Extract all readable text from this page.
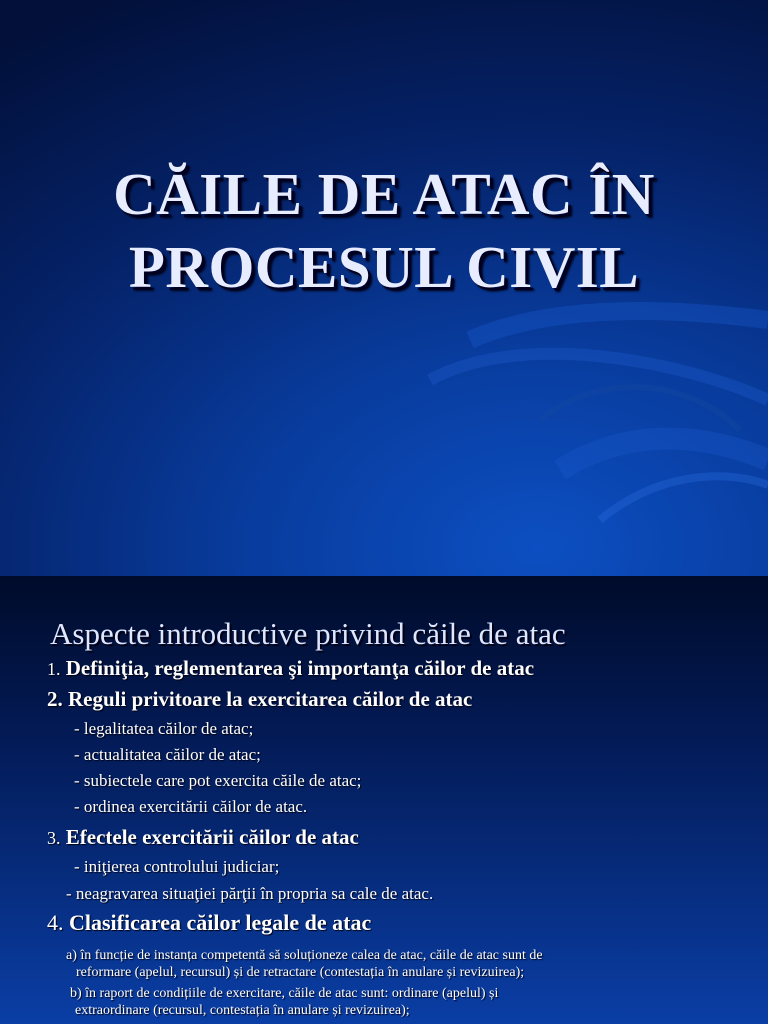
CĂILE DE ATAC ÎN
PROCESUL CIVIL
Aspecte introductive privind căile de atac
1. Definiţia, reglementarea şi importanţa căilor de atac
2. Reguli privitoare la exercitarea căilor de atac
- legalitatea căilor de atac;
- actualitatea căilor de atac;
- subiectele care pot exercita căile de atac;
- ordinea exercitării căilor de atac.
3. Efectele exercitării căilor de atac
- iniţierea controlului judiciar;
- neagravarea situaţiei părţii în propria sa cale de atac.
4. Clasificarea căilor legale de atac
a) în funcție de instanța competentă să soluționeze calea de atac, căile de atac sunt de
reformare (apelul, recursul) și de retractare (contestația în anulare și revizuirea);
b) în raport de condițiile de exercitare, căile de atac sunt: ordinare (apelul) și
extraordinare (recursul, contestația în anulare și revizuirea);
